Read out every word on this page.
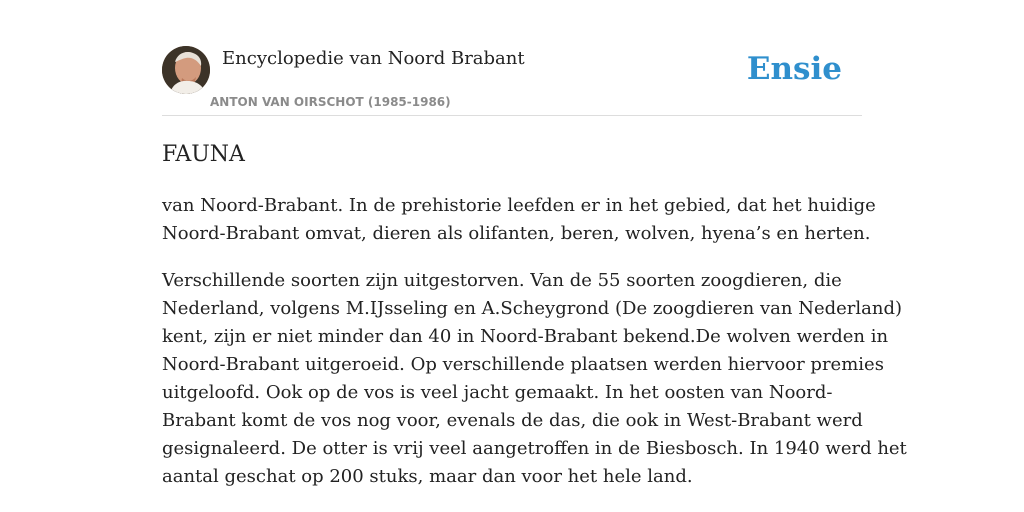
Encyclopedie van Noord Brabant
ANTON VAN OIRSCHOT (1985-1986)
Ensie
FAUNA

van Noord-Brabant. In de prehistorie leefden er in het gebied, dat het huidige
Noord-Brabant omvat, dieren als olifanten, beren, wolven, hyena’s en herten.

Verschillende soorten zijn uitgestorven. Van de 55 soorten zoogdieren, die
Nederland, volgens M.IJsseling en A.Scheygrond (De zoogdieren van Nederland)
kent, zijn er niet minder dan 40 in Noord-Brabant bekend.De wolven werden in
Noord-Brabant uitgeroeid. Op verschillende plaatsen werden hiervoor premies
uitgeloofd. Ook op de vos is veel jacht gemaakt. In het oosten van Noord-
Brabant komt de vos nog voor, evenals de das, die ook in West-Brabant werd
gesignaleerd. De otter is vrij veel aangetroffen in de Biesbosch. In 1940 werd het
aantal geschat op 200 stuks, maar dan voor het hele land.
